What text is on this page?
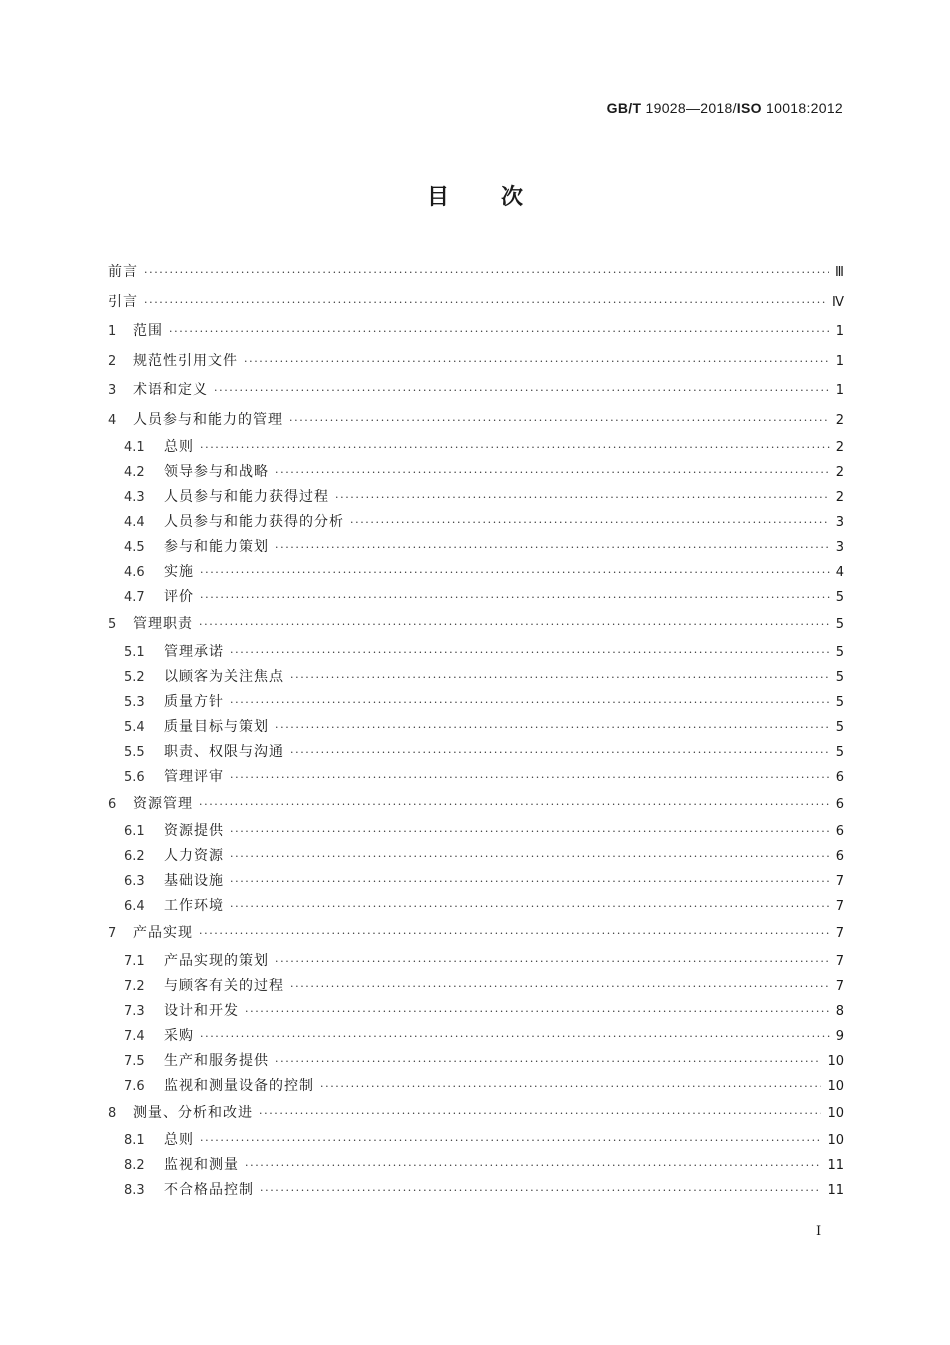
GB/T 19028—2018/ISO 10018:2012
目次
前言 ·····	Ⅲ
引言 ·····	Ⅳ
1	范围 ·····	1
2	规范性引用文件 ·····	1
3	术语和定义 ·····	1
4	人员参与和能力的管理 ·····	2
4.1	总则 ·····	2
4.2	领导参与和战略 ·····	2
4.3	人员参与和能力获得过程 ·····	2
4.4	人员参与和能力获得的分析 ·····	3
4.5	参与和能力策划 ·····	3
4.6	实施 ·····	4
4.7	评价 ·····	5
5	管理职责 ·····	5
5.1	管理承诺 ·····	5
5.2	以顾客为关注焦点 ·····	5
5.3	质量方针 ·····	5
5.4	质量目标与策划 ·····	5
5.5	职责、权限与沟通 ·····	5
5.6	管理评审 ·····	6
6	资源管理 ·····	6
6.1	资源提供 ·····	6
6.2	人力资源 ·····	6
6.3	基础设施 ·····	7
6.4	工作环境 ·····	7
7	产品实现 ·····	7
7.1	产品实现的策划 ·····	7
7.2	与顾客有关的过程 ·····	7
7.3	设计和开发 ·····	8
7.4	采购 ·····	9
7.5	生产和服务提供 ·····	10
7.6	监视和测量设备的控制 ·····	10
8	测量、分析和改进 ·····	10
8.1	总则 ·····	10
8.2	监视和测量 ·····	11
8.3	不合格品控制 ·····	11
Ⅰ
